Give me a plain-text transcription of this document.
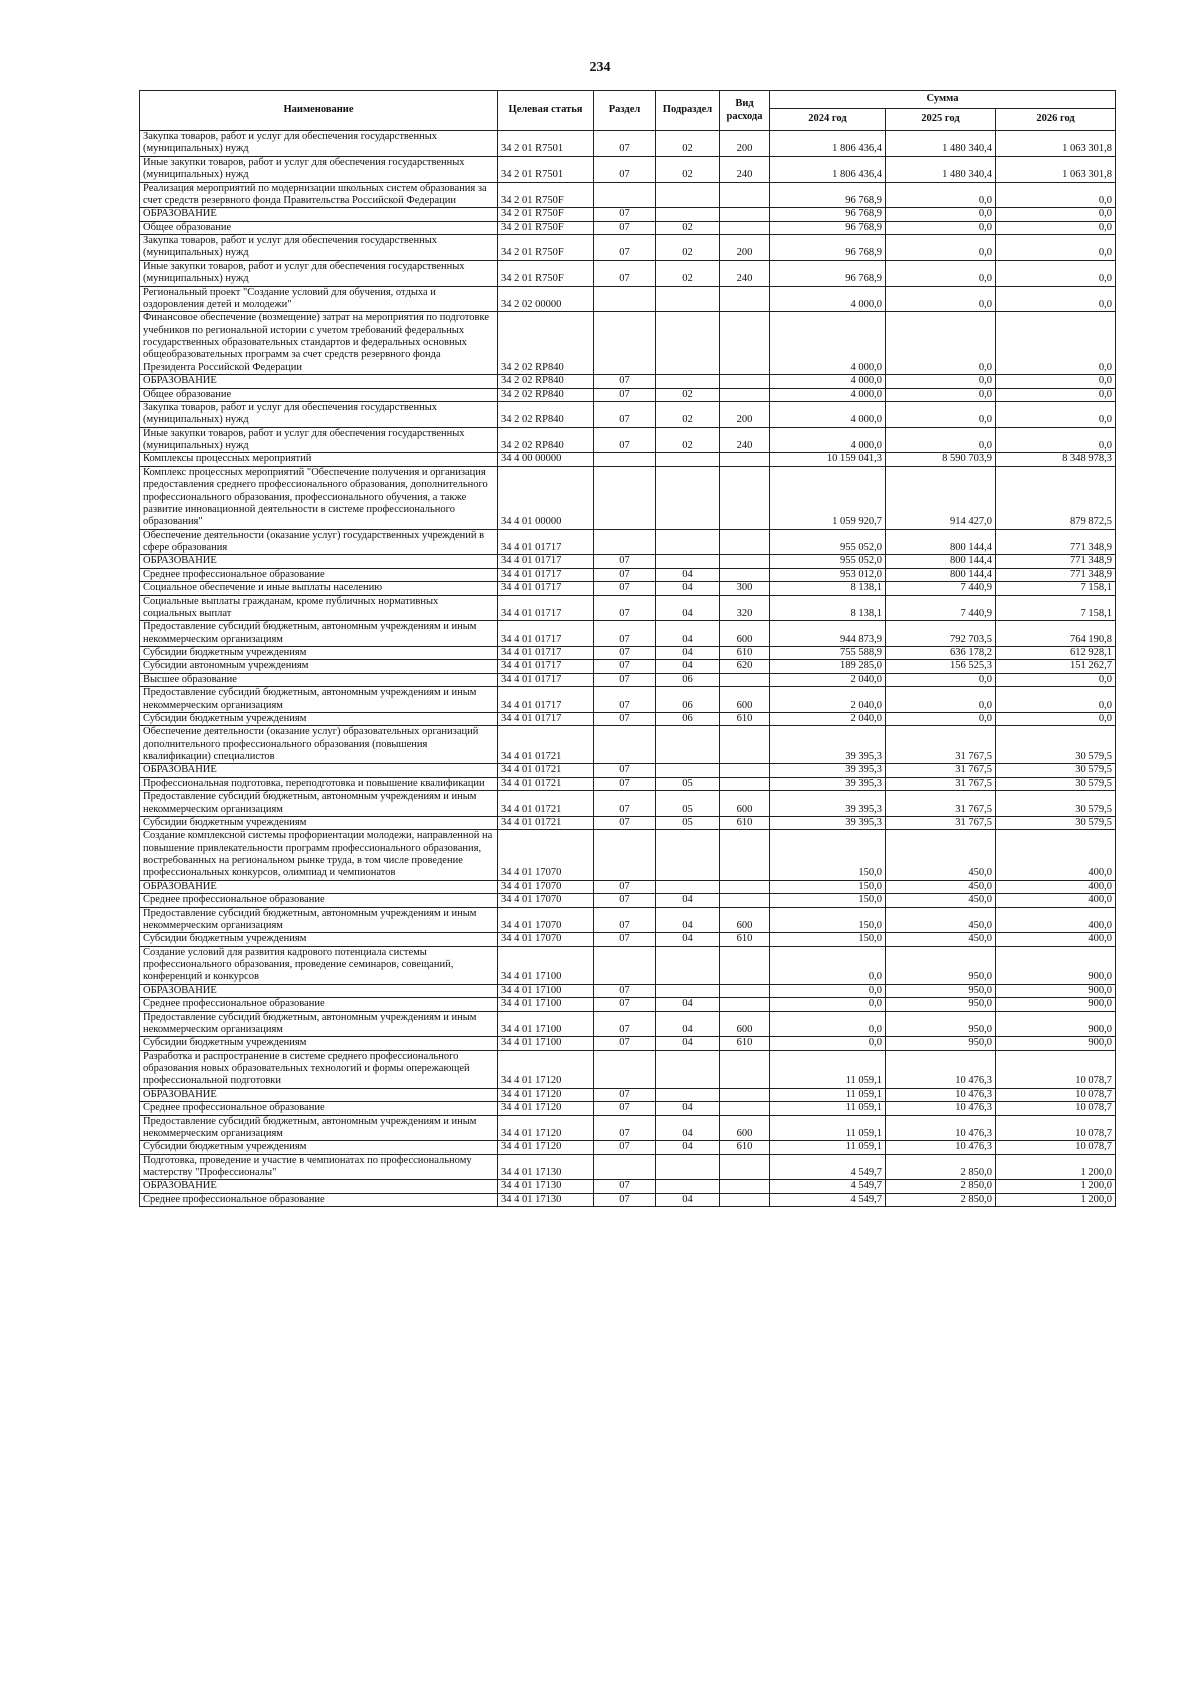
234
Наименование	Целевая статья	Раздел	Подраздел	Вид расхода	Сумма		
					2024 год	2025 год	2026 год
Закупка товаров, работ и услуг для обеспечения государственных (муниципальных) нужд	34 2 01 R7501	07	02	200	1 806 436,4	1 480 340,4	1 063 301,8
Иные закупки товаров, работ и услуг для обеспечения государственных (муниципальных) нужд	34 2 01 R7501	07	02	240	1 806 436,4	1 480 340,4	1 063 301,8
Реализация мероприятий по модернизации школьных систем образования за счет средств резервного фонда Правительства Российской Федерации	34 2 01 R750F				96 768,9	0,0	0,0
ОБРАЗОВАНИЕ	34 2 01 R750F	07			96 768,9	0,0	0,0
Общее образование	34 2 01 R750F	07	02		96 768,9	0,0	0,0
Закупка товаров, работ и услуг для обеспечения государственных (муниципальных) нужд	34 2 01 R750F	07	02	200	96 768,9	0,0	0,0
Иные закупки товаров, работ и услуг для обеспечения государственных (муниципальных) нужд	34 2 01 R750F	07	02	240	96 768,9	0,0	0,0
Региональный проект "Создание условий для обучения, отдыха и оздоровления детей и молодежи"	34 2 02 00000				4 000,0	0,0	0,0
Финансовое обеспечение (возмещение) затрат на мероприятия по подготовке учебников по региональной истории с учетом требований федеральных государственных образовательных стандартов и федеральных основных общеобразовательных программ за счет средств резервного фонда Президента Российской Федерации	34 2 02 RP840				4 000,0	0,0	0,0
ОБРАЗОВАНИЕ	34 2 02 RP840	07			4 000,0	0,0	0,0
Общее образование	34 2 02 RP840	07	02		4 000,0	0,0	0,0
Закупка товаров, работ и услуг для обеспечения государственных (муниципальных) нужд	34 2 02 RP840	07	02	200	4 000,0	0,0	0,0
Иные закупки товаров, работ и услуг для обеспечения государственных (муниципальных) нужд	34 2 02 RP840	07	02	240	4 000,0	0,0	0,0
Комплексы процессных мероприятий	34 4 00 00000				10 159 041,3	8 590 703,9	8 348 978,3
Комплекс процессных мероприятий "Обеспечение получения и организация предоставления среднего профессионального образования, дополнительного профессионального образования, профессионального обучения, а также развитие инновационной деятельности в системе профессионального образования"	34 4 01 00000				1 059 920,7	914 427,0	879 872,5
Обеспечение деятельности (оказание услуг) государственных учреждений в сфере образования	34 4 01 01717				955 052,0	800 144,4	771 348,9
ОБРАЗОВАНИЕ	34 4 01 01717	07			955 052,0	800 144,4	771 348,9
Среднее профессиональное образование	34 4 01 01717	07	04		953 012,0	800 144,4	771 348,9
Социальное обеспечение и иные выплаты населению	34 4 01 01717	07	04	300	8 138,1	7 440,9	7 158,1
Социальные выплаты гражданам, кроме публичных нормативных социальных выплат	34 4 01 01717	07	04	320	8 138,1	7 440,9	7 158,1
Предоставление субсидий бюджетным, автономным учреждениям и иным некоммерческим организациям	34 4 01 01717	07	04	600	944 873,9	792 703,5	764 190,8
Субсидии бюджетным учреждениям	34 4 01 01717	07	04	610	755 588,9	636 178,2	612 928,1
Субсидии автономным учреждениям	34 4 01 01717	07	04	620	189 285,0	156 525,3	151 262,7
Высшее образование	34 4 01 01717	07	06		2 040,0	0,0	0,0
Предоставление субсидий бюджетным, автономным учреждениям и иным некоммерческим организациям	34 4 01 01717	07	06	600	2 040,0	0,0	0,0
Субсидии бюджетным учреждениям	34 4 01 01717	07	06	610	2 040,0	0,0	0,0
Обеспечение деятельности (оказание услуг) образовательных организаций дополнительного профессионального образования (повышения квалификации) специалистов	34 4 01 01721				39 395,3	31 767,5	30 579,5
ОБРАЗОВАНИЕ	34 4 01 01721	07			39 395,3	31 767,5	30 579,5
Профессиональная подготовка, переподготовка и повышение квалификации	34 4 01 01721	07	05		39 395,3	31 767,5	30 579,5
Предоставление субсидий бюджетным, автономным учреждениям и иным некоммерческим организациям	34 4 01 01721	07	05	600	39 395,3	31 767,5	30 579,5
Субсидии бюджетным учреждениям	34 4 01 01721	07	05	610	39 395,3	31 767,5	30 579,5
Создание комплексной системы профориентации молодежи, направленной на повышение привлекательности программ профессионального образования, востребованных на региональном рынке труда, в том числе проведение профессиональных конкурсов, олимпиад и чемпионатов	34 4 01 17070				150,0	450,0	400,0
ОБРАЗОВАНИЕ	34 4 01 17070	07			150,0	450,0	400,0
Среднее профессиональное образование	34 4 01 17070	07	04		150,0	450,0	400,0
Предоставление субсидий бюджетным, автономным учреждениям и иным некоммерческим организациям	34 4 01 17070	07	04	600	150,0	450,0	400,0
Субсидии бюджетным учреждениям	34 4 01 17070	07	04	610	150,0	450,0	400,0
Создание условий для развития кадрового потенциала системы профессионального образования, проведение семинаров, совещаний, конференций и конкурсов	34 4 01 17100				0,0	950,0	900,0
ОБРАЗОВАНИЕ	34 4 01 17100	07			0,0	950,0	900,0
Среднее профессиональное образование	34 4 01 17100	07	04		0,0	950,0	900,0
Предоставление субсидий бюджетным, автономным учреждениям и иным некоммерческим организациям	34 4 01 17100	07	04	600	0,0	950,0	900,0
Субсидии бюджетным учреждениям	34 4 01 17100	07	04	610	0,0	950,0	900,0
Разработка и распространение в системе среднего профессионального образования новых образовательных технологий и формы опережающей профессиональной подготовки	34 4 01 17120				11 059,1	10 476,3	10 078,7
ОБРАЗОВАНИЕ	34 4 01 17120	07			11 059,1	10 476,3	10 078,7
Среднее профессиональное образование	34 4 01 17120	07	04		11 059,1	10 476,3	10 078,7
Предоставление субсидий бюджетным, автономным учреждениям и иным некоммерческим организациям	34 4 01 17120	07	04	600	11 059,1	10 476,3	10 078,7
Субсидии бюджетным учреждениям	34 4 01 17120	07	04	610	11 059,1	10 476,3	10 078,7
Подготовка, проведение и участие в чемпионатах по профессиональному мастерству "Профессионалы"	34 4 01 17130				4 549,7	2 850,0	1 200,0
ОБРАЗОВАНИЕ	34 4 01 17130	07			4 549,7	2 850,0	1 200,0
Среднее профессиональное образование	34 4 01 17130	07	04		4 549,7	2 850,0	1 200,0
